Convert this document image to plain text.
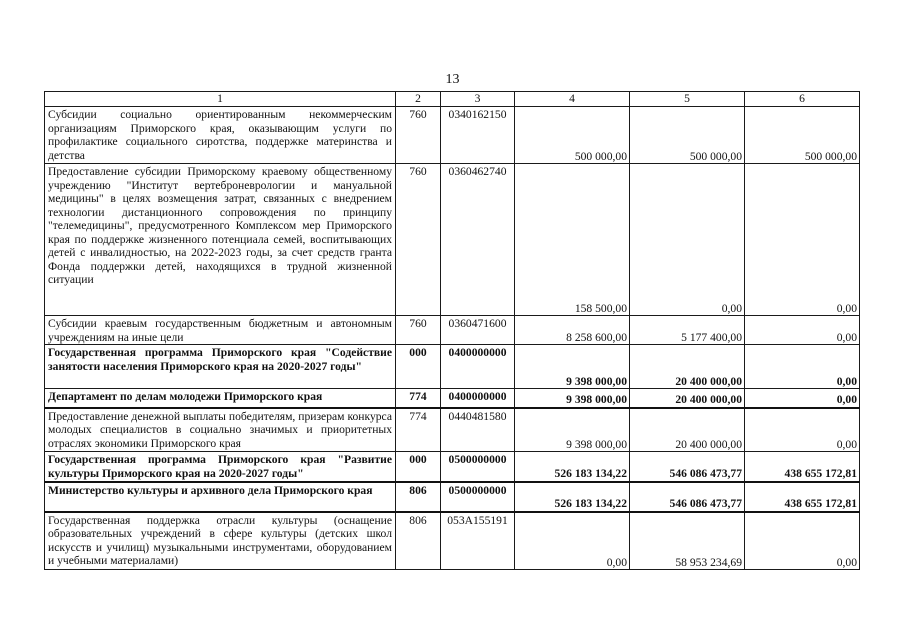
13
1	2	3	4	5	6
Субсидии социально ориентированным некоммерческим организациям Приморского края, оказывающим услуги по профилактике социального сиротства, поддержке материнства и детства	760	0340162150	500 000,00	500 000,00	500 000,00
Предоставление субсидии Приморскому краевому общественному учреждению "Институт вертеброневрологии и мануальной медицины" в целях возмещения затрат, связанных с внедрением технологии дистанционного сопровождения по принципу "телемедицины", предусмотренного Комплексом мер Приморского края по поддержке жизненного потенциала семей, воспитывающих детей с инвалидностью, на 2022-2023 годы, за счет средств гранта Фонда поддержки детей, находящихся в трудной жизненной ситуации	760	0360462740	158 500,00	0,00	0,00
Субсидии краевым государственным бюджетным и автономным учреждениям на иные цели	760	0360471600	8 258 600,00	5 177 400,00	0,00
Государственная программа Приморского края "Содействие занятости населения Приморского края на 2020-2027 годы"	000	0400000000	9 398 000,00	20 400 000,00	0,00
Департамент по делам молодежи Приморского края	774	0400000000	9 398 000,00	20 400 000,00	0,00
Предоставление денежной выплаты победителям, призерам конкурса молодых специалистов в социально значимых и приоритетных отраслях экономики Приморского края	774	0440481580	9 398 000,00	20 400 000,00	0,00
Государственная программа Приморского края "Развитие культуры Приморского края на 2020-2027 годы"	000	0500000000	526 183 134,22	546 086 473,77	438 655 172,81
Министерство культуры и архивного дела Приморского края	806	0500000000	526 183 134,22	546 086 473,77	438 655 172,81
Государственная поддержка отрасли культуры (оснащение образовательных учреждений в сфере культуры (детских школ искусств и училищ) музыкальными инструментами, оборудованием и учебными материалами)	806	053A155191	0,00	58 953 234,69	0,00
